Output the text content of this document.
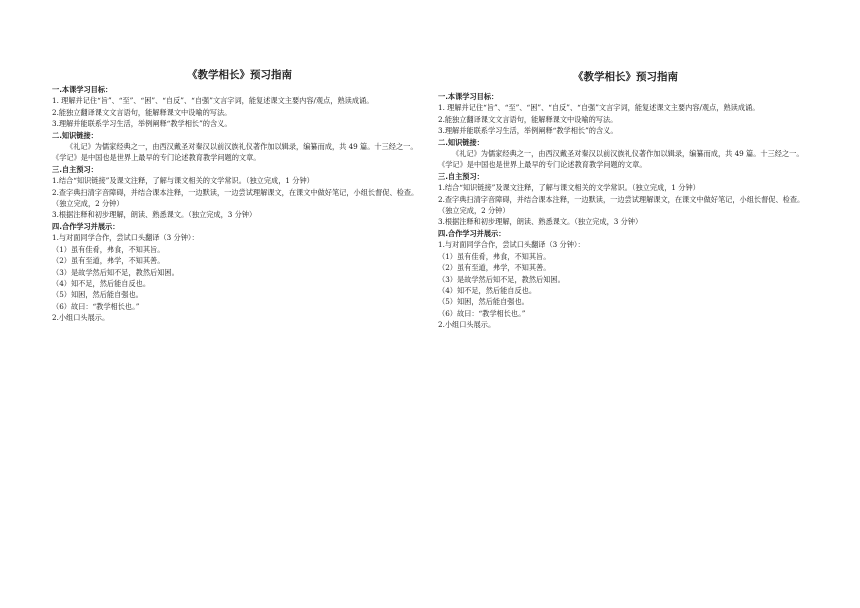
《教学相长》预习指南
一.本课学习目标：

1. 理解并记住“旨”、“至”、“困”、“自反”、“自强”文言字词，能复述课文主要内容/观点，熟读成诵。

2.能独立翻译课文文言语句，能解释课文中设喻的写法。

3.理解并能联系学习生活，举例阐释“教学相长”的含义。

二.知识链接：

《礼记》为儒家经典之一，由西汉戴圣对秦汉以前汉族礼仪著作加以辑录，编纂而成，共 49 篇。十三经之一。《学记》是中国也是世界上最早的专门论述教育教学问题的文章。

三.自主预习：

1.结合“知识链接”及课文注释，了解与课文相关的文学常识。（独立完成，1 分钟）

2.查字典扫清字音障碍，并结合课本注释，一边默读，一边尝试理解课文，在课文中做好笔记，小组长督促、检查。（独立完成，2 分钟）

3.根据注释和初步理解，朗读、熟悉课文。（独立完成，3 分钟）

四.合作学习并展示：

1.与对面同学合作，尝试口头翻译（3 分钟）：

（1）虽有佳肴，弗食，不知其旨。

（2）虽有至道，弗学，不知其善。

（3）是故学然后知不足，教然后知困。

（4）知不足，然后能自反也。

（5）知困，然后能自强也。

（6）故曰：“教学相长也。”

2.小组口头展示。

《教学相长》预习指南
一.本课学习目标：

1. 理解并记住“旨”、“至”、“困”、“自反”、“自强”文言字词，能复述课文主要内容/观点，熟读成诵。

2.能独立翻译课文文言语句，能解释课文中设喻的写法。

3.理解并能联系学习生活，举例阐释“教学相长”的含义。

二.知识链接：

《礼记》为儒家经典之一，由西汉戴圣对秦汉以前汉族礼仪著作加以辑录，编纂而成，共 49 篇。十三经之一。《学记》是中国也是世界上最早的专门论述教育教学问题的文章。

三.自主预习：

1.结合“知识链接”及课文注释，了解与课文相关的文学常识。（独立完成，1 分钟）

2.查字典扫清字音障碍，并结合课本注释，一边默读，一边尝试理解课文，在课文中做好笔记，小组长督促、检查。（独立完成，2 分钟）

3.根据注释和初步理解，朗读、熟悉课文。（独立完成，3 分钟）

四.合作学习并展示：

1.与对面同学合作，尝试口头翻译（3 分钟）：

（1）虽有佳肴，弗食，不知其旨。

（2）虽有至道，弗学，不知其善。

（3）是故学然后知不足，教然后知困。

（4）知不足，然后能自反也。

（5）知困，然后能自强也。

（6）故曰：“教学相长也。”

2.小组口头展示。
